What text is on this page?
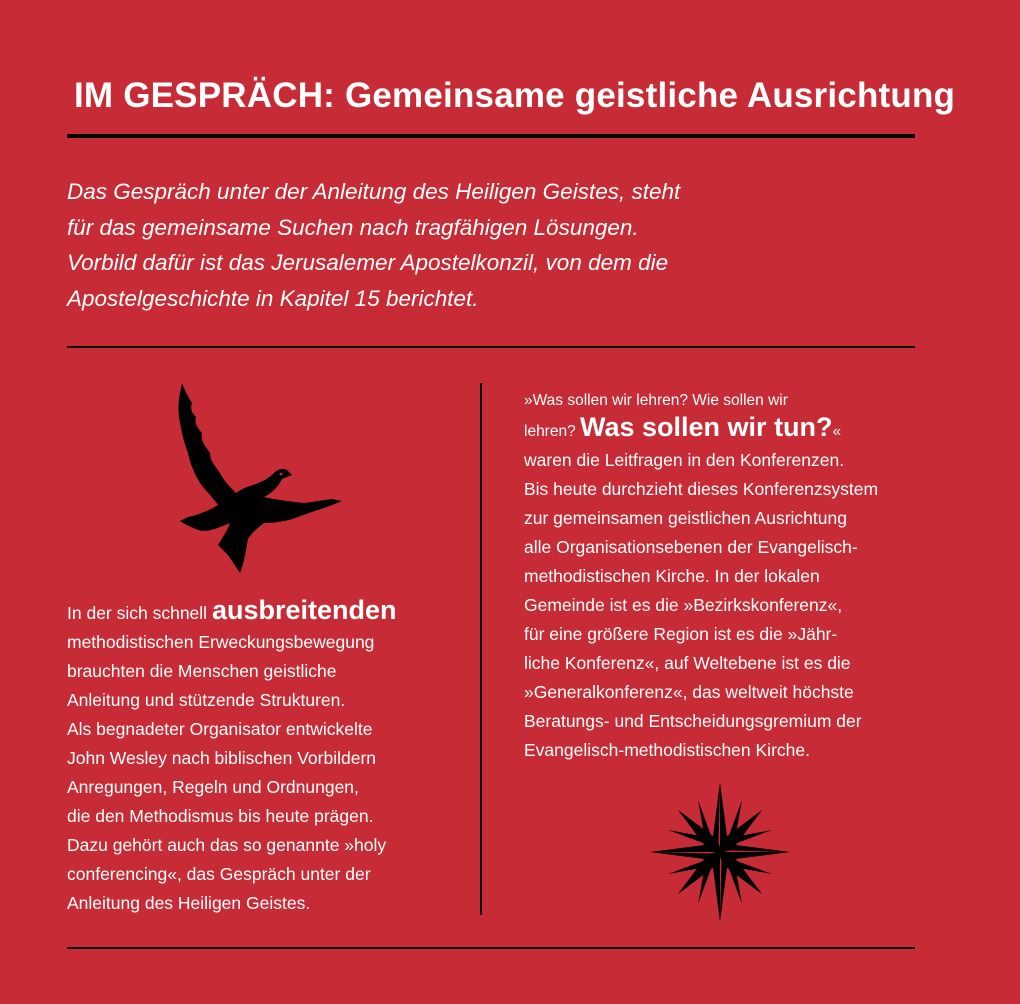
IM GESPRÄCH: Gemeinsame geistliche Ausrichtung
Das Gespräch unter der Anleitung des Heiligen Geistes, steht
für das gemeinsame Suchen nach tragfähigen Lösungen.
Vorbild dafür ist das Jerusalemer Apostelkonzil, von dem die
Apostelgeschichte in Kapitel 15 berichtet.
In der sich schnell ausbreitenden
methodistischen Erweckungsbewegung
brauchten die Menschen geistliche
Anleitung und stützende Strukturen.
Als begnadeter Organisator entwickelte
John Wesley nach biblischen Vorbildern
Anregungen, Regeln und Ordnungen,
die den Methodismus bis heute prägen.
Dazu gehört auch das so genannte »holy
conferencing«, das Gespräch unter der
Anleitung des Heiligen Geistes.
»Was sollen wir lehren? Wie sollen wir
lehren? Was sollen wir tun?«
waren die Leitfragen in den Konferenzen.
Bis heute durchzieht dieses Konferenzsystem
zur gemeinsamen geistlichen Ausrichtung
alle Organisationsebenen der Evangelisch-
methodistischen Kirche. In der lokalen
Gemeinde ist es die »Bezirkskonferenz«,
für eine größere Region ist es die »Jähr-
liche Konferenz«, auf Weltebene ist es die
»Generalkonferenz«, das weltweit höchste
Beratungs- und Entscheidungsgremium der
Evangelisch-methodistischen Kirche.
